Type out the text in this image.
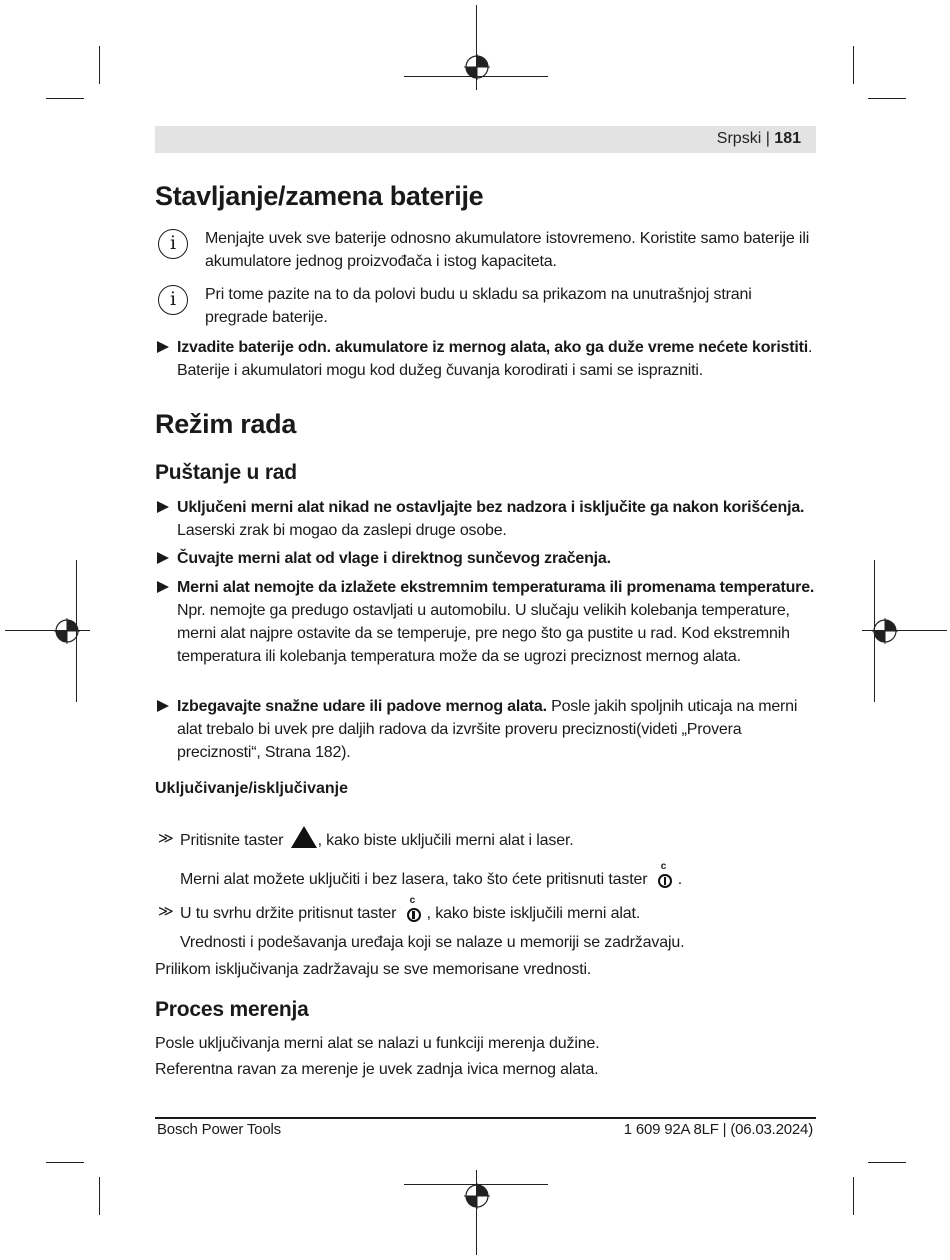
Srpski | 181
Stavljanje/zamena baterije
i	Menjajte uvek sve baterije odnosno akumulatore istovremeno. Koristite samo baterije ili akumulatore jednog proizvođača i istog kapaciteta.
i	Pri tome pazite na to da polovi budu u skladu sa prikazom na unutrašnjoj strani pregrade baterije.
Izvadite baterije odn. akumulatore iz mernog alata, ako ga duže vreme nećete koristiti. Baterije i akumulatori mogu kod dužeg čuvanja korodirati i sami se isprazniti.
Režim rada
Puštanje u rad
Uključeni merni alat nikad ne ostavljajte bez nadzora i isključite ga nakon korišćenja. Laserski zrak bi mogao da zaslepi druge osobe.
Čuvajte merni alat od vlage i direktnog sunčevog zračenja.
Merni alat nemojte da izlažete ekstremnim temperaturama ili promenama temperature. Npr. nemojte ga predugo ostavljati u automobilu. U slučaju velikih kolebanja temperature, merni alat najpre ostavite da se temperuje, pre nego što ga pustite u rad. Kod ekstremnih temperatura ili kolebanja temperatura može da se ugrozi preciznost mernog alata.
Izbegavajte snažne udare ili padove mernog alata. Posle jakih spoljnih uticaja na merni alat trebalo bi uvek pre daljih radova da izvršite proveru preciznosti(videti „Provera preciznosti“, Strana 182).
Uključivanje/isključivanje
≫ Pritisnite taster , kako biste uključili merni alat i laser.
Merni alat možete uključiti i bez lasera, tako što ćete pritisnuti taster
c
.
≫ U tu svrhu držite pritisnut taster
c
, kako biste isključili merni alat.
Vrednosti i podešavanja uređaja koji se nalaze u memoriji se zadržavaju.
Prilikom isključivanja zadržavaju se sve memorisane vrednosti.
Proces merenja
Posle uključivanja merni alat se nalazi u funkciji merenja dužine.
Referentna ravan za merenje je uvek zadnja ivica mernog alata.
Bosch Power Tools	1 609 92A 8LF | (06.03.2024)
